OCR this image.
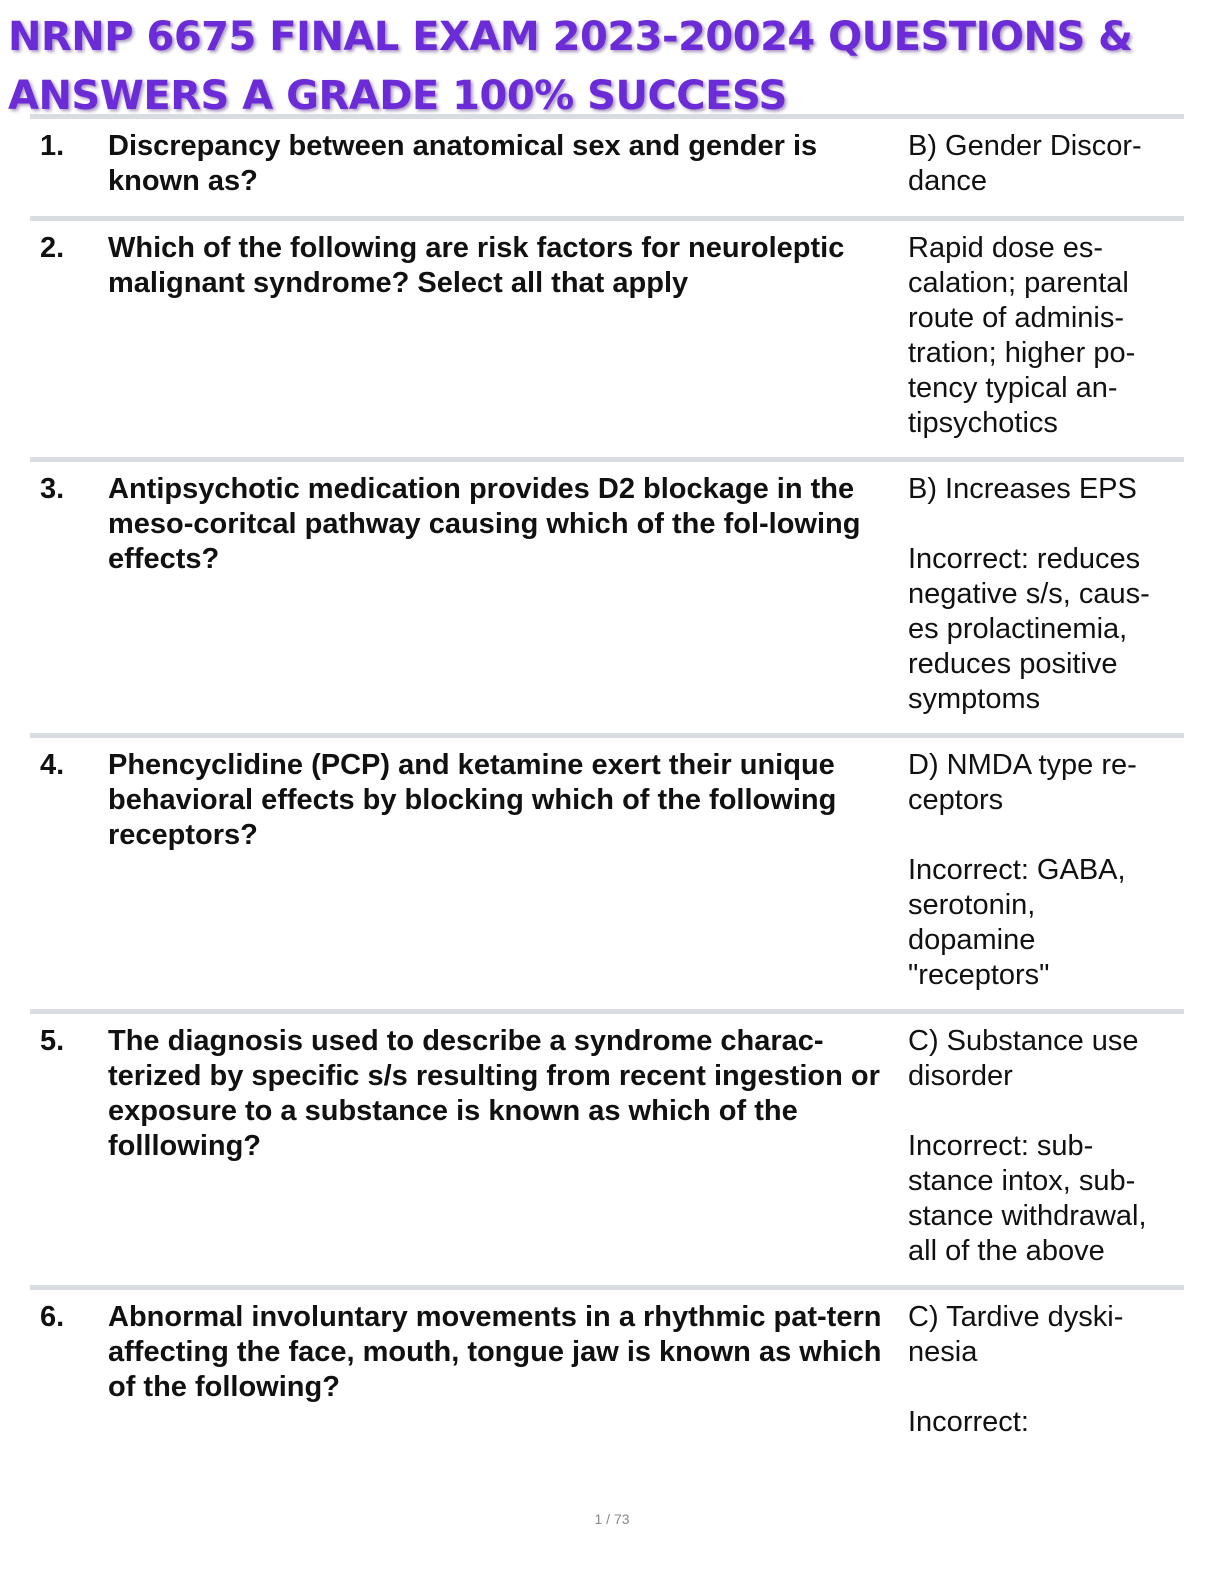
NRNP 6675 FINAL EXAM 2023-20024 QUESTIONS &
ANSWERS A GRADE 100% SUCCESS
1. Discrepancy between anatomical sex and gender is known as?

B) Gender Discor-
dance

2. Which of the following are risk factors for neuroleptic malignant syndrome? Select all that apply

Rapid dose es-
calation; parental
route of adminis-
tration; higher po-
tency typical an-
tipsychotics

3. Antipsychotic medication provides D2 blockage in the meso-coritcal pathway causing which of the fol-lowing effects?

B) Increases EPS

Incorrect: reduces
negative s/s, caus-
es prolactinemia,
reduces positive
symptoms

4. Phencyclidine (PCP) and ketamine exert their unique behavioral effects by blocking which of the following receptors?

D) NMDA type re-
ceptors

Incorrect: GABA,
serotonin,
dopamine
"receptors"

5. The diagnosis used to describe a syndrome charac-terized by specific s/s resulting from recent ingestion or exposure to a substance is known as which of the folllowing?

C) Substance use
disorder

Incorrect: sub-
stance intox, sub-
stance withdrawal,
all of the above

6. Abnormal involuntary movements in a rhythmic pat-tern affecting the face, mouth, tongue jaw is known as which of the following?

C) Tardive dyski-
nesia

Incorrect:

1 / 73
